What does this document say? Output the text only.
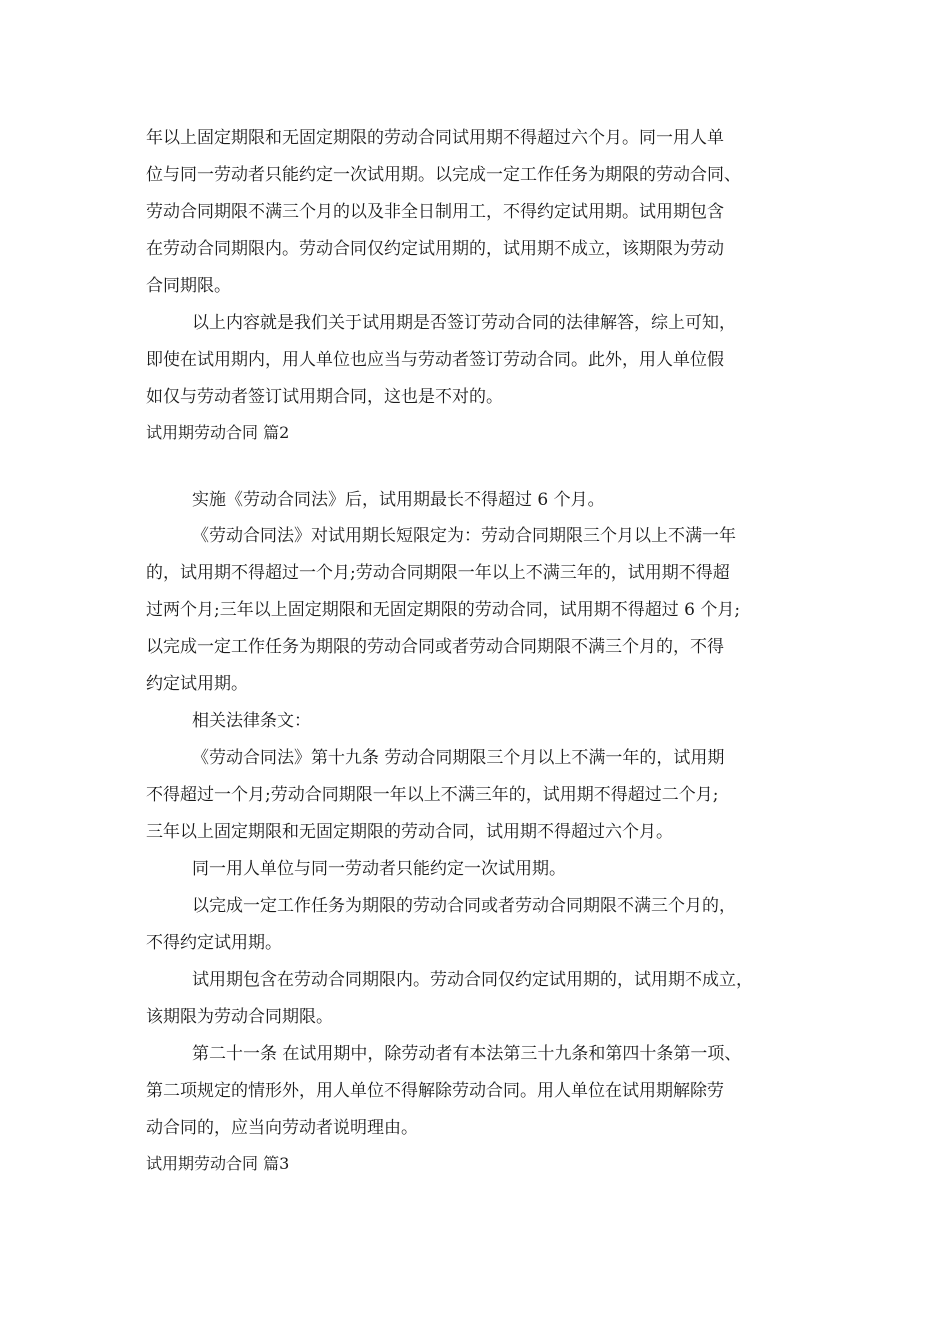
年以上固定期限和无固定期限的劳动合同试用期不得超过六个月。同一用人单
位与同一劳动者只能约定一次试用期。以完成一定工作任务为期限的劳动合同、
劳动合同期限不满三个月的以及非全日制用工，不得约定试用期。试用期包含
在劳动合同期限内。劳动合同仅约定试用期的，试用期不成立，该期限为劳动
合同期限。
以上内容就是我们关于试用期是否签订劳动合同的法律解答，综上可知，
即使在试用期内，用人单位也应当与劳动者签订劳动合同。此外，用人单位假
如仅与劳动者签订试用期合同，这也是不对的。
试用期劳动合同 篇2
实施《劳动合同法》后，试用期最长不得超过 6 个月。
《劳动合同法》对试用期长短限定为：劳动合同期限三个月以上不满一年
的，试用期不得超过一个月;劳动合同期限一年以上不满三年的，试用期不得超
过两个月;三年以上固定期限和无固定期限的劳动合同，试用期不得超过 6 个月;
以完成一定工作任务为期限的劳动合同或者劳动合同期限不满三个月的，不得
约定试用期。
相关法律条文：
《劳动合同法》第十九条 劳动合同期限三个月以上不满一年的，试用期
不得超过一个月;劳动合同期限一年以上不满三年的，试用期不得超过二个月;
三年以上固定期限和无固定期限的劳动合同，试用期不得超过六个月。
同一用人单位与同一劳动者只能约定一次试用期。
以完成一定工作任务为期限的劳动合同或者劳动合同期限不满三个月的，
不得约定试用期。
试用期包含在劳动合同期限内。劳动合同仅约定试用期的，试用期不成立，
该期限为劳动合同期限。
第二十一条 在试用期中，除劳动者有本法第三十九条和第四十条第一项、
第二项规定的情形外，用人单位不得解除劳动合同。用人单位在试用期解除劳
动合同的，应当向劳动者说明理由。
试用期劳动合同 篇3
